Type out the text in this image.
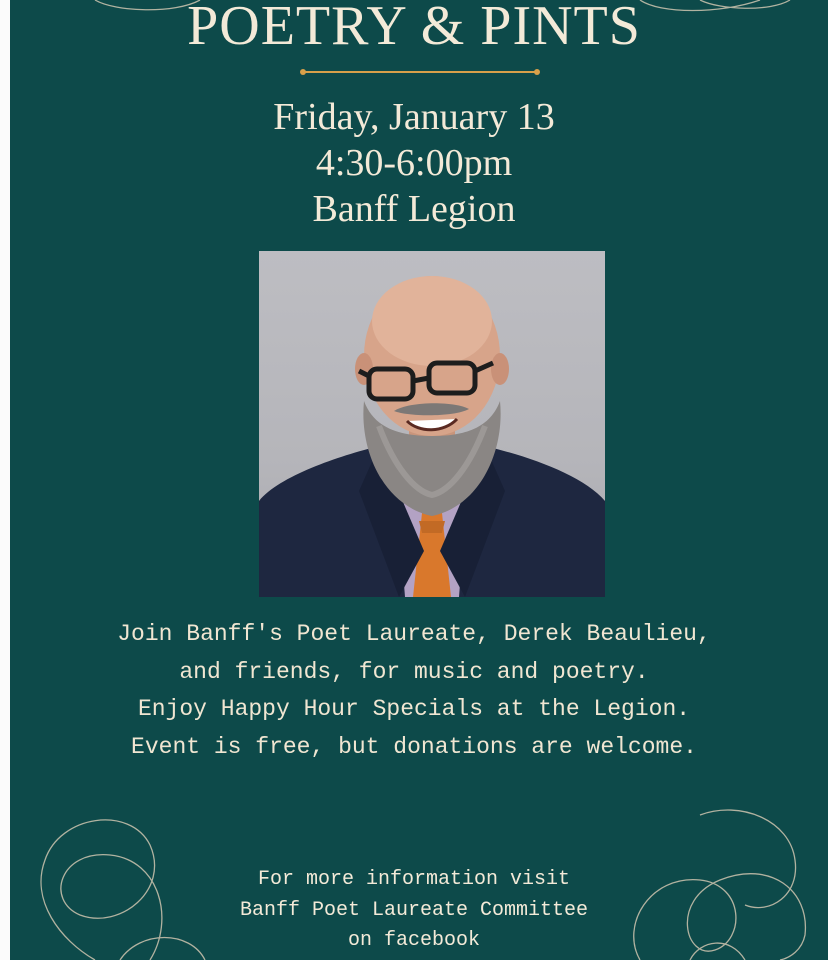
POETRY & PINTS
Friday, January 13
4:30-6:00pm
Banff Legion
Join Banff's Poet Laureate, Derek Beaulieu,
and friends, for music and poetry.
Enjoy Happy Hour Specials at the Legion.
Event is free, but donations are welcome.
For more information visit
Banff Poet Laureate Committee
on facebook
